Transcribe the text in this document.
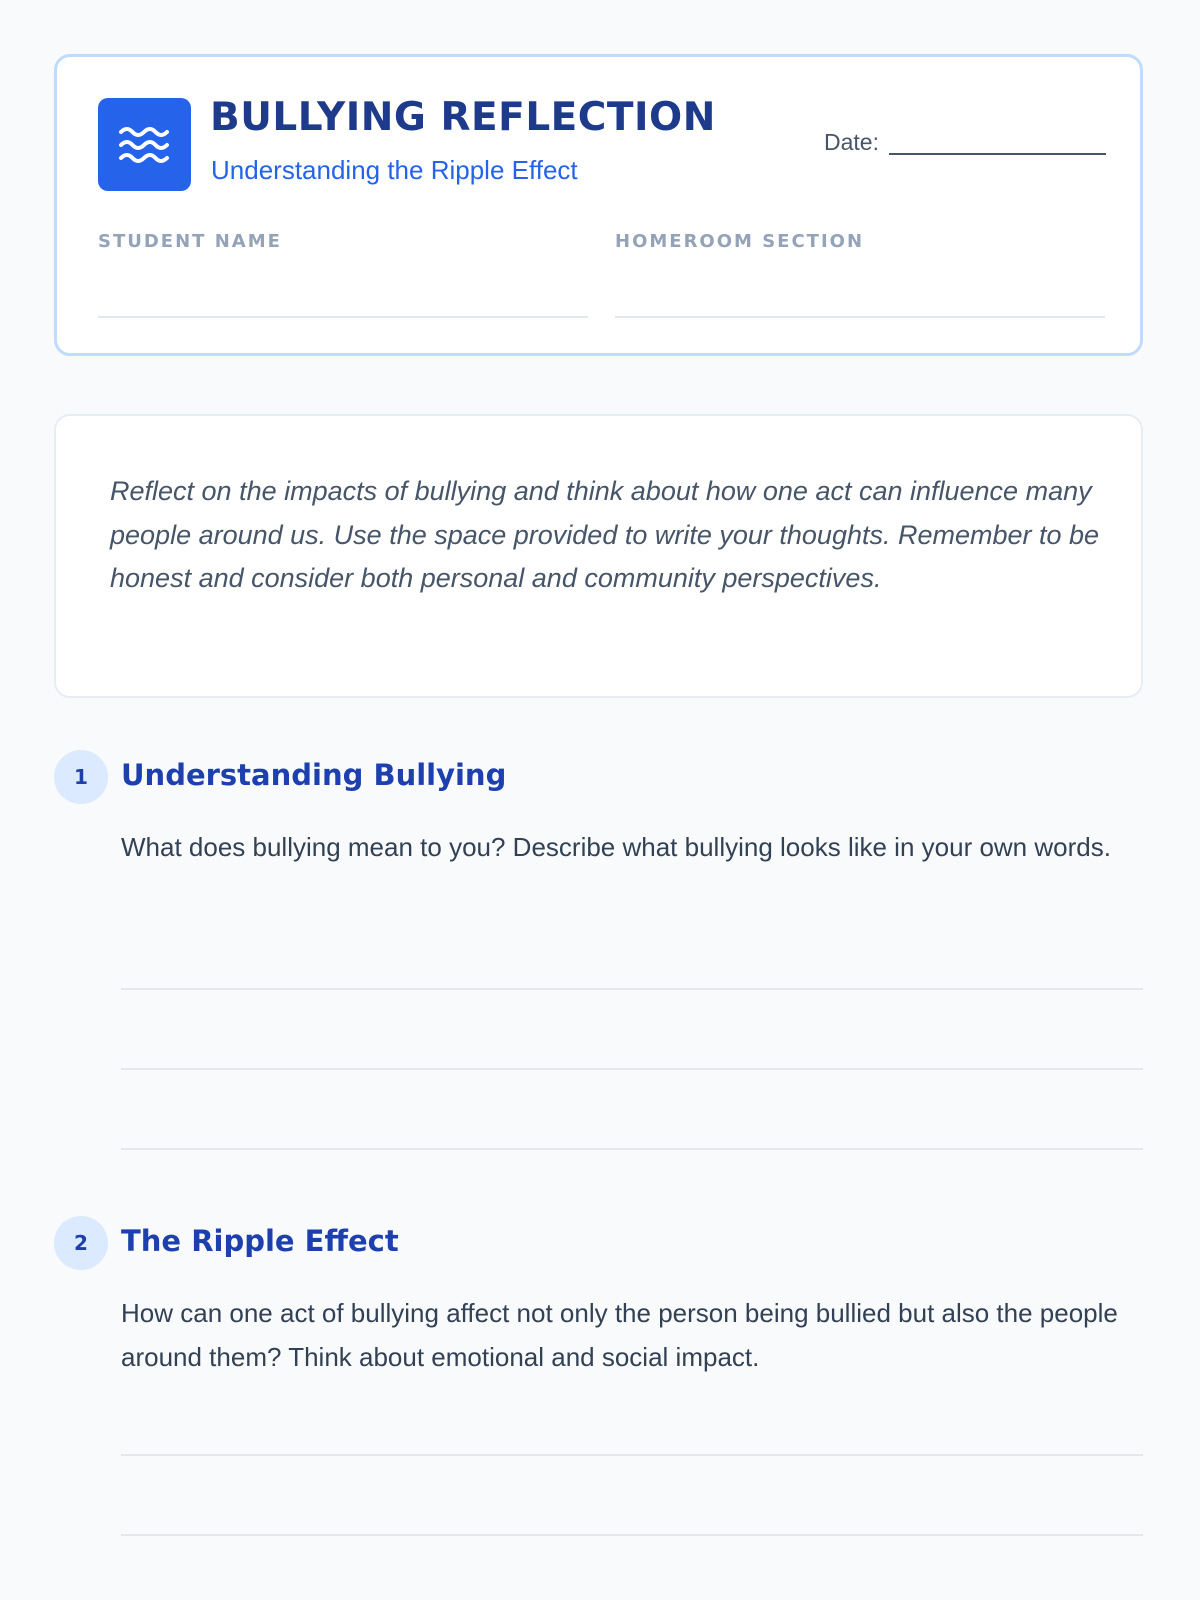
BULLYING REFLECTION
Understanding the Ripple Effect
Date:
STUDENT NAME	HOMEROOM SECTION

Reflect on the impacts of bullying and think about how one act can influence many people around us. Use the space provided to write your thoughts. Remember to be honest and consider both personal and community perspectives.

1	Understanding Bullying

What does bullying mean to you? Describe what bullying looks like in your own words.

2	The Ripple Effect

How can one act of bullying affect not only the person being bullied but also the people around them? Think about emotional and social impact.
